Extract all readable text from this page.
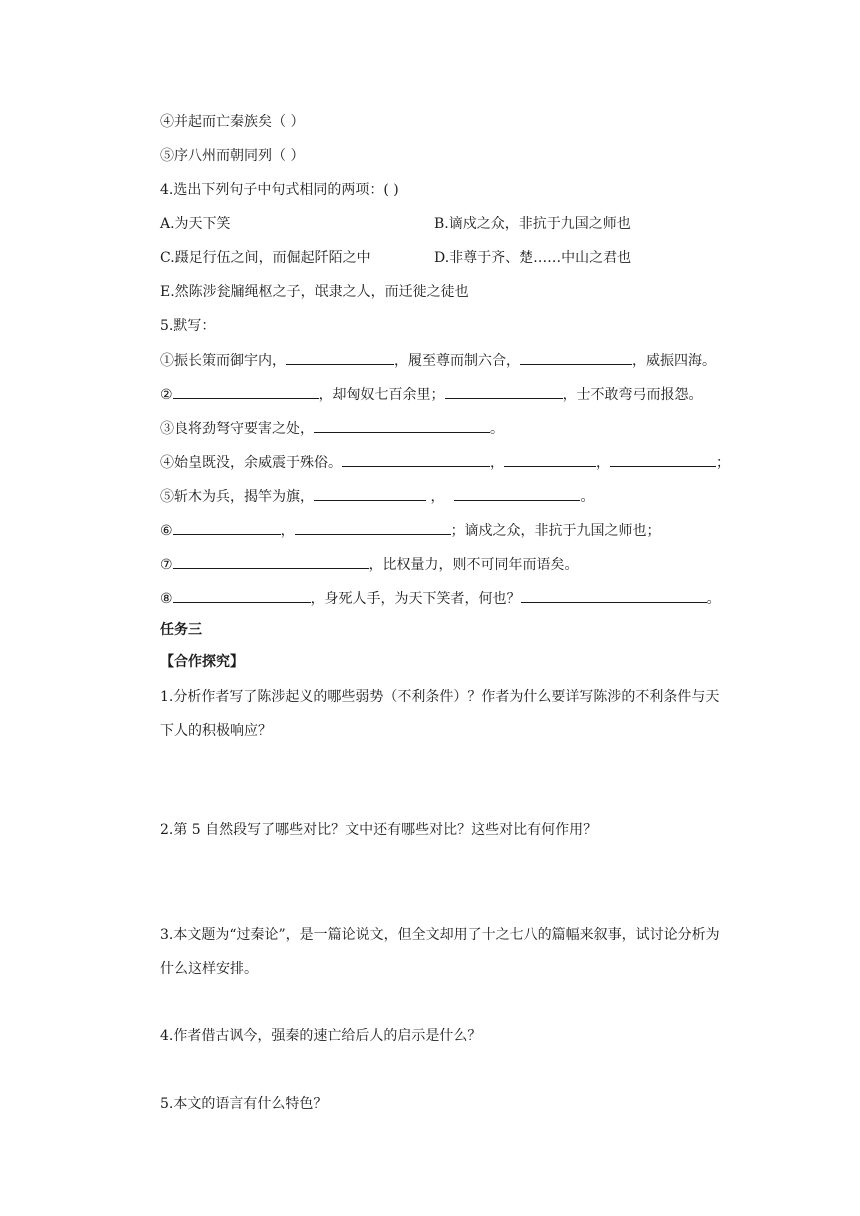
④并起而亡秦族矣（ ）
⑤序八州而朝同列（ ）
4.选出下列句子中句式相同的两项：( )
A.为天下笑	B.谪戍之众，非抗于九国之师也
C.蹑足行伍之间，而倔起阡陌之中	D.非尊于齐、楚……中山之君也
E.然陈涉瓮牖绳枢之子，氓隶之人，而迁徙之徒也
5.默写：
①振长策而御宇内，	，履至尊而制六合，	，威振四海。
②	，却匈奴七百余里；	，士不敢弯弓而报怨。
③良将劲弩守要害之处，	。
④始皇既没，余威震于殊俗。	，	，	；
⑤斩木为兵，揭竿为旗，	，	。
⑥	，	；谪戍之众，非抗于九国之师也；
⑦	，比权量力，则不可同年而语矣。
⑧	，身死人手，为天下笑者，何也？	。
任务三
【合作探究】
1.分析作者写了陈涉起义的哪些弱势（不利条件）？作者为什么要详写陈涉的不利条件与天下人的积极响应？
2.第 5 自然段写了哪些对比？文中还有哪些对比？这些对比有何作用？
3.本文题为“过秦论”，是一篇论说文，但全文却用了十之七八的篇幅来叙事，试讨论分析为什么这样安排。
4.作者借古讽今，强秦的速亡给后人的启示是什么？
5.本文的语言有什么特色？
